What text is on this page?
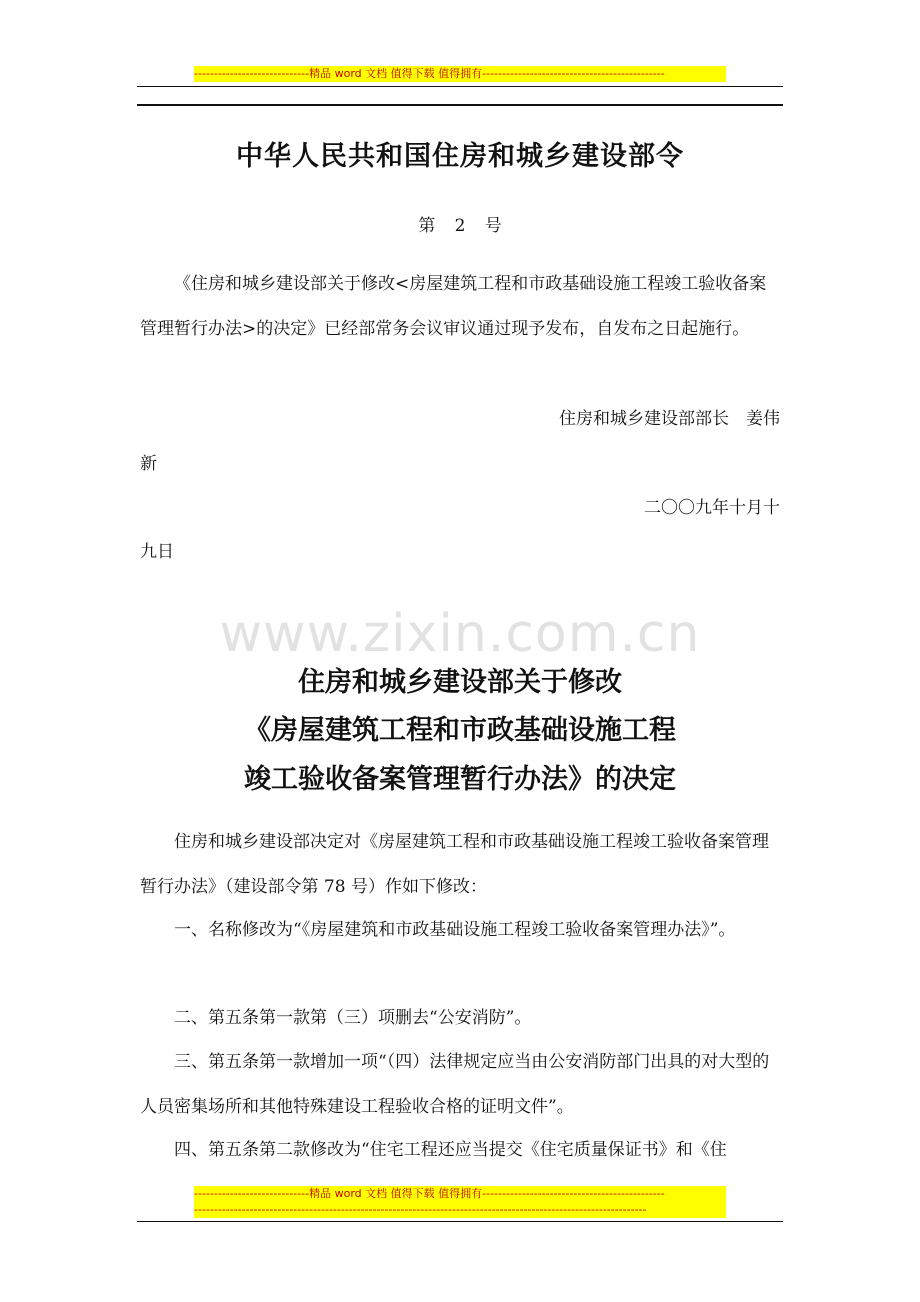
-----------------------------精品 word 文档 值得下载 值得拥有----------------------------------------------
中华人民共和国住房和城乡建设部令
第 2 号
《住房和城乡建设部关于修改<房屋建筑工程和市政基础设施工程竣工验收备案管理暂行办法>的决定》已经部常务会议审议通过现予发布，自发布之日起施行。
住房和城乡建设部部长　姜伟
新
二〇〇九年十月十
九日
www.zixin.com.cn
住房和城乡建设部关于修改
《房屋建筑工程和市政基础设施工程
竣工验收备案管理暂行办法》的决定
住房和城乡建设部决定对《房屋建筑工程和市政基础设施工程竣工验收备案管理暂行办法》（建设部令第 78 号）作如下修改：
一、名称修改为“《房屋建筑和市政基础设施工程竣工验收备案管理办法》”。
二、第五条第一款第（三）项删去“公安消防”。
三、第五条第一款增加一项“（四）法律规定应当由公安消防部门出具的对大型的人员密集场所和其他特殊建设工程验收合格的证明文件”。
四、第五条第二款修改为“住宅工程还应当提交《住宅质量保证书》和《住
-----------------------------精品 word 文档 值得下载 值得拥有----------------------------------------------
------------------------------------------------------------------------------------------------------------------
